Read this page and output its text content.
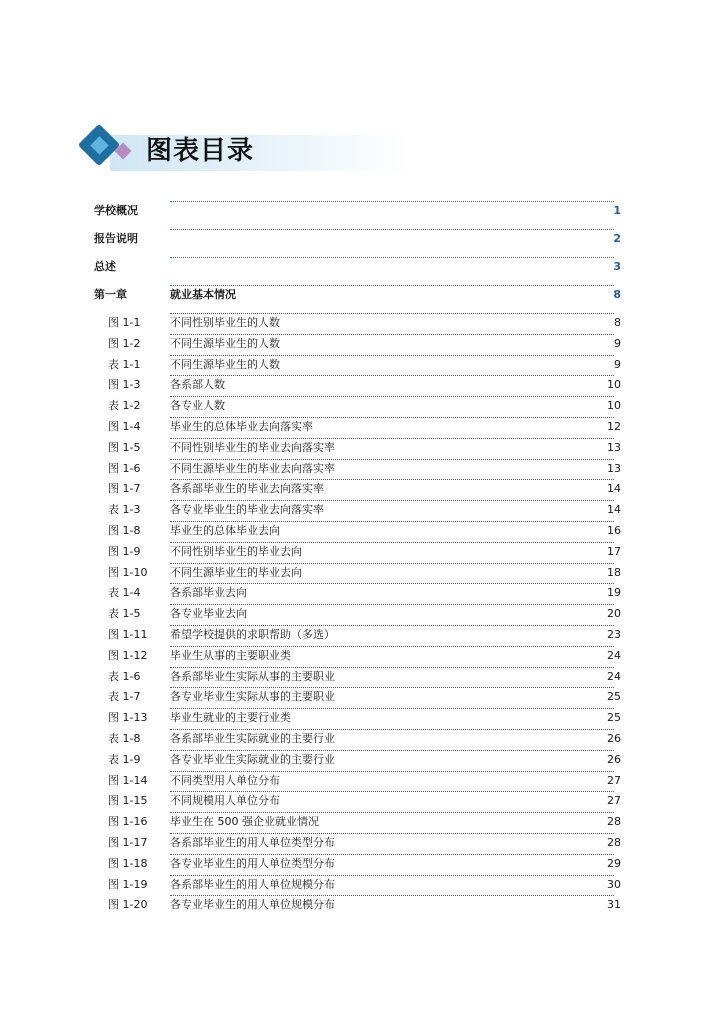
图表目录
学校概况	1
报告说明	2
总述	3
第一章	就业基本情况	8
图 1-1	不同性别毕业生的人数	8
图 1-2	不同生源毕业生的人数	9
表 1-1	不同生源毕业生的人数	9
图 1-3	各系部人数	10
表 1-2	各专业人数	10
图 1-4	毕业生的总体毕业去向落实率	12
图 1-5	不同性别毕业生的毕业去向落实率	13
图 1-6	不同生源毕业生的毕业去向落实率	13
图 1-7	各系部毕业生的毕业去向落实率	14
表 1-3	各专业毕业生的毕业去向落实率	14
图 1-8	毕业生的总体毕业去向	16
图 1-9	不同性别毕业生的毕业去向	17
图 1-10 不同生源毕业生的毕业去向	18
表 1-4	各系部毕业去向	19
表 1-5	各专业毕业去向	20
图 1-11 希望学校提供的求职帮助（多选）	23
图 1-12 毕业生从事的主要职业类	24
表 1-6	各系部毕业生实际从事的主要职业	24
表 1-7	各专业毕业生实际从事的主要职业	25
图 1-13 毕业生就业的主要行业类	25
表 1-8	各系部毕业生实际就业的主要行业	26
表 1-9	各专业毕业生实际就业的主要行业	26
图 1-14 不同类型用人单位分布	27
图 1-15 不同规模用人单位分布	27
图 1-16 毕业生在 500 强企业就业情况	28
图 1-17 各系部毕业生的用人单位类型分布	28
图 1-18 各专业毕业生的用人单位类型分布	29
图 1-19 各系部毕业生的用人单位规模分布	30
图 1-20 各专业毕业生的用人单位规模分布	31
